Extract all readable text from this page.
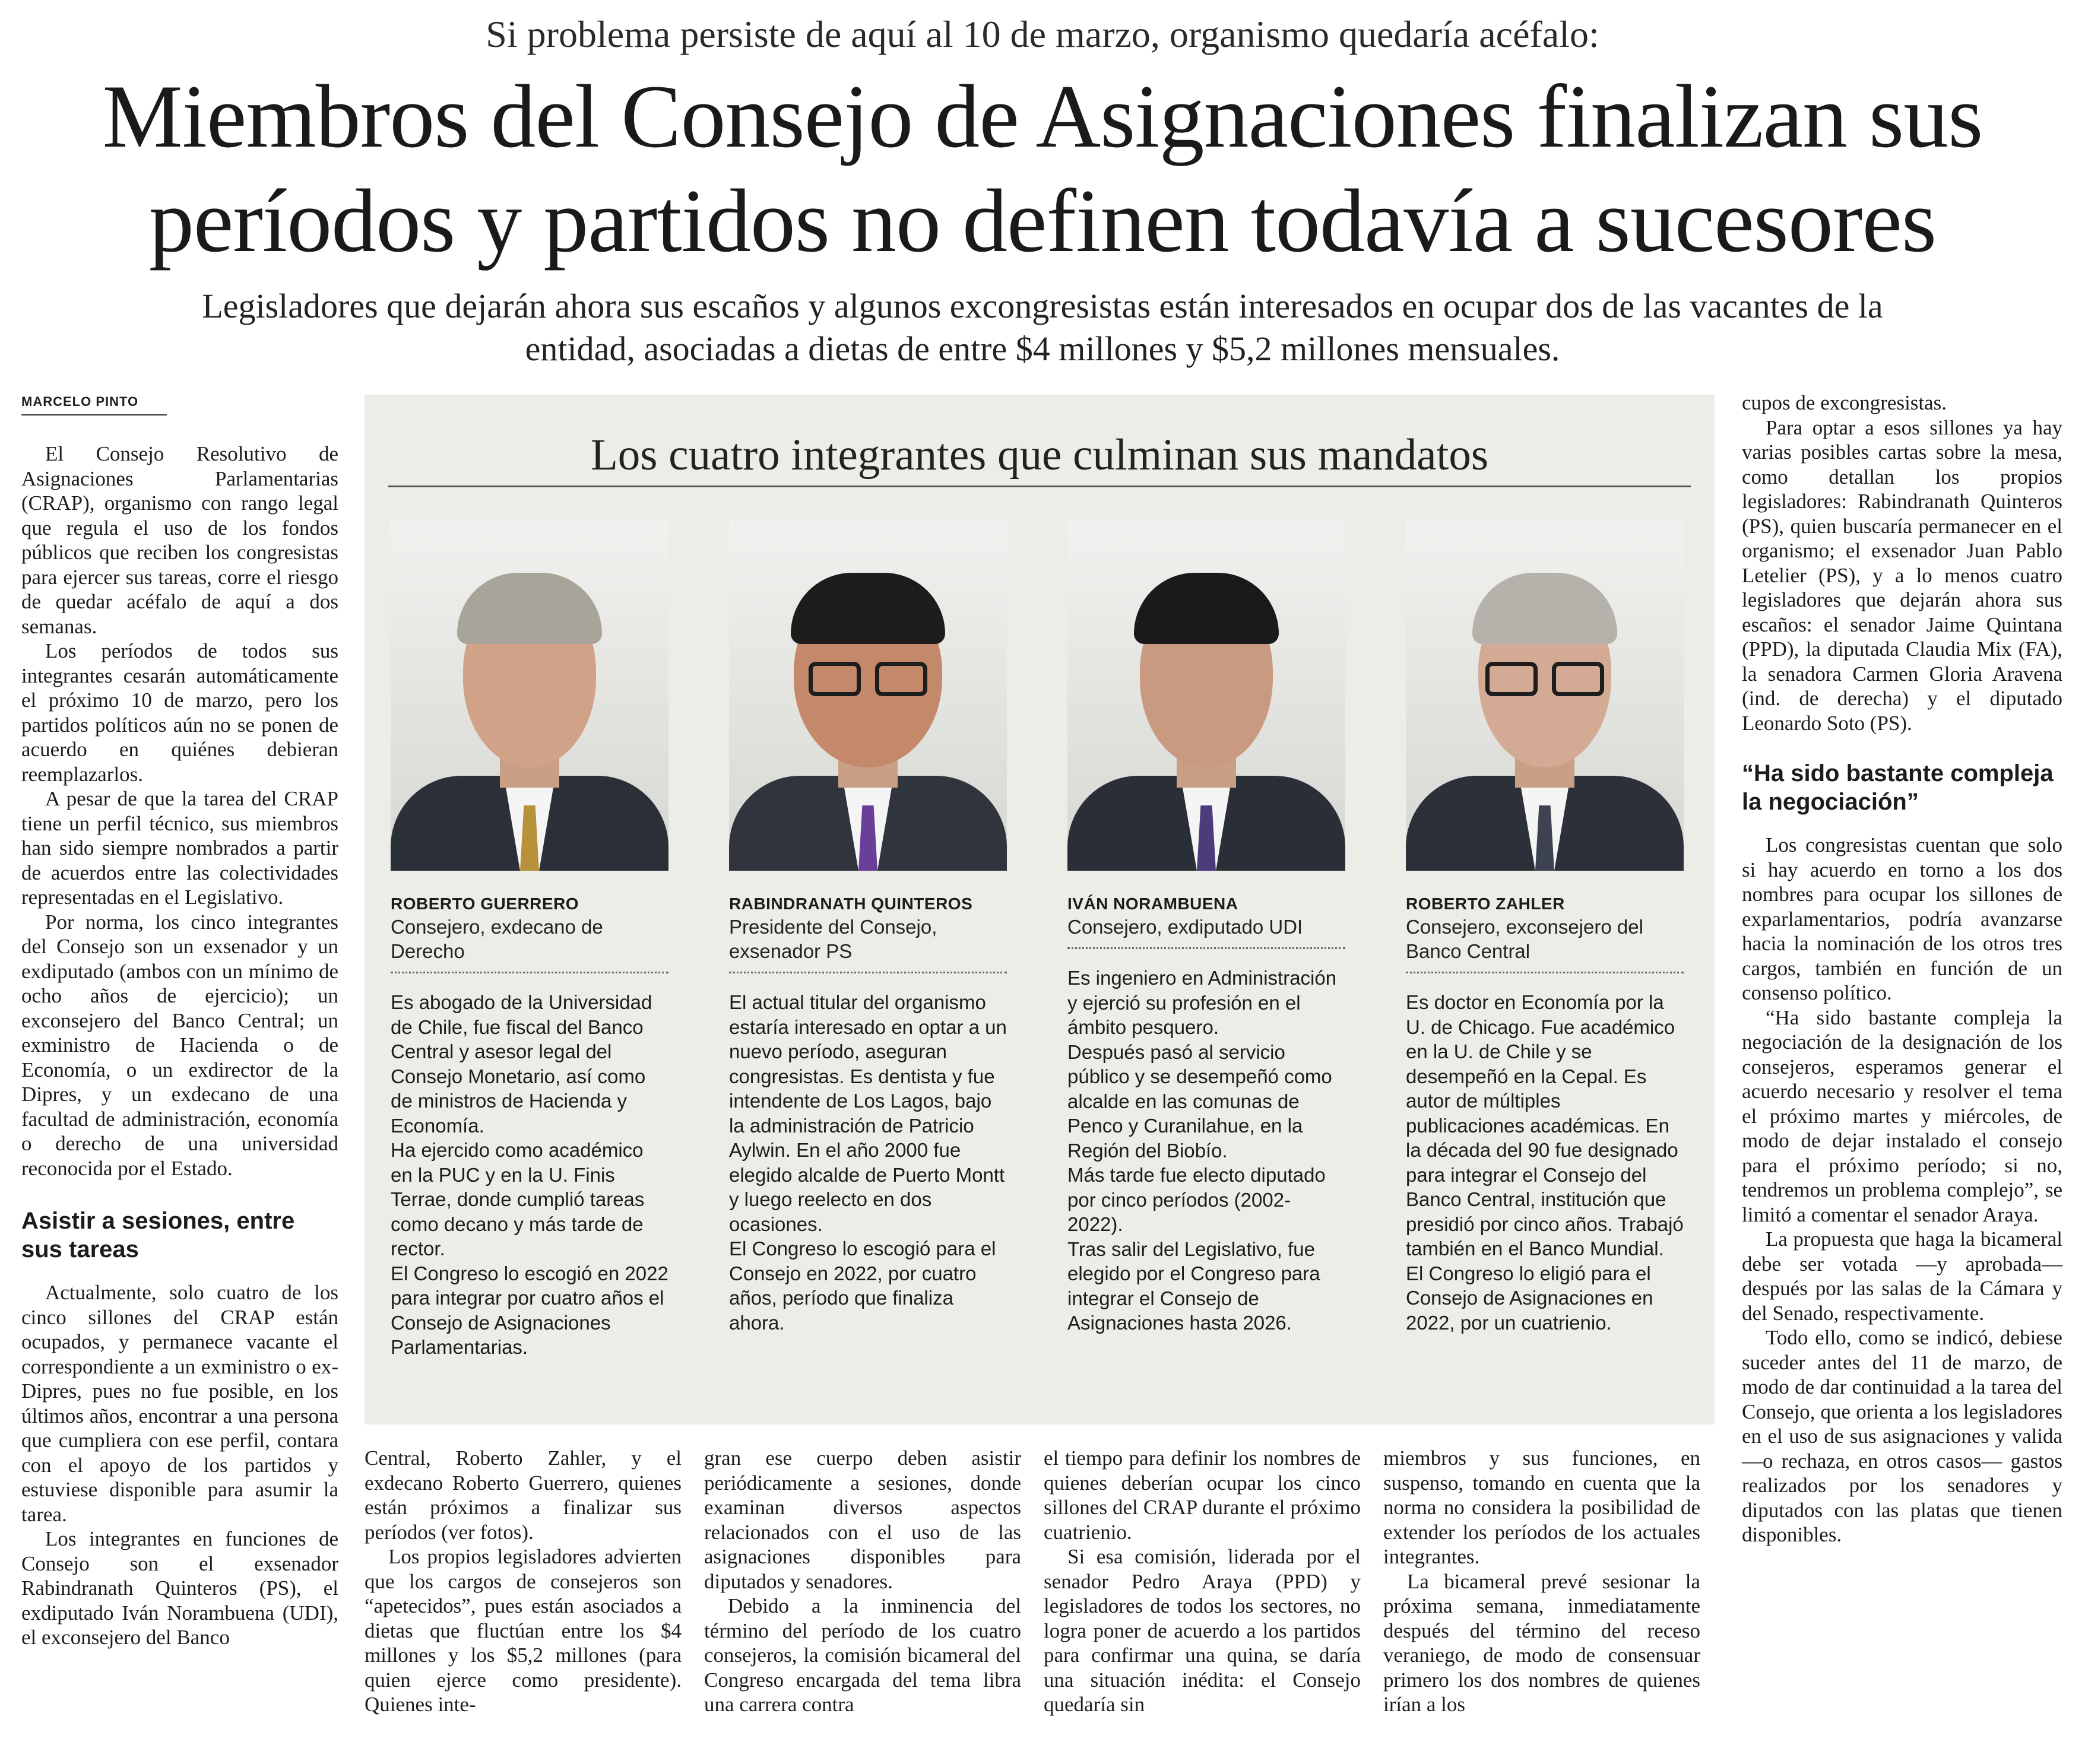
Si problema persiste de aquí al 10 de marzo, organismo quedaría acéfalo:
Miembros del Consejo de Asignaciones finalizan sus
períodos y partidos no definen todavía a sucesores
Legisladores que dejarán ahora sus escaños y algunos excongresistas están interesados en ocupar dos de las vacantes de la
entidad, asociadas a dietas de entre $4 millones y $5,2 millones mensuales.
MARCELO PINTO

El Consejo Resolutivo de Asignaciones Parlamentarias (CRAP), organismo con rango legal que regula el uso de los fondos públicos que reciben los congresistas para ejercer sus tareas, corre el riesgo de quedar acéfalo de aquí a dos semanas.

Los períodos de todos sus integrantes cesarán automáticamente el próximo 10 de marzo, pero los partidos políticos aún no se ponen de acuerdo en quiénes debieran reemplazarlos.

A pesar de que la tarea del CRAP tiene un perfil técnico, sus miembros han sido siempre nombrados a partir de acuerdos entre las colectividades representadas en el Legislativo.

Por norma, los cinco integrantes del Consejo son un exsenador y un exdiputado (ambos con un mínimo de ocho años de ejercicio); un exconsejero del Banco Central; un exministro de Hacienda o de Economía, o un exdirector de la Dipres, y un exdecano de una facultad de administración, economía o derecho de una universidad reconocida por el Estado.

Asistir a sesiones, entre sus tareas

Actualmente, solo cuatro de los cinco sillones del CRAP están ocupados, y permanece vacante el correspondiente a un exministro o ex-Dipres, pues no fue posible, en los últimos años, encontrar a una persona que cumpliera con ese perfil, contara con el apoyo de los partidos y estuviese disponible para asumir la tarea.

Los integrantes en funciones de Consejo son el exsenador Rabindranath Quinteros (PS), el exdiputado Iván Norambuena (UDI), el exconsejero del Banco

Los cuatro integrantes que culminan sus mandatos
ROBERTO GUERRERO
Consejero, exdecano de Derecho

Es abogado de la Universidad de Chile, fue fiscal del Banco Central y asesor legal del Consejo Monetario, así como de ministros de Hacienda y Economía.

Ha ejercido como académico en la PUC y en la U. Finis Terrae, donde cumplió tareas como decano y más tarde de rector.

El Congreso lo escogió en 2022 para integrar por cuatro años el Consejo de Asignaciones Parlamentarias.

RABINDRANATH QUINTEROS
Presidente del Consejo, exsenador PS

El actual titular del organismo estaría interesado en optar a un nuevo período, aseguran congresistas. Es dentista y fue intendente de Los Lagos, bajo la administración de Patricio Aylwin. En el año 2000 fue elegido alcalde de Puerto Montt y luego reelecto en dos ocasiones.

El Congreso lo escogió para el Consejo en 2022, por cuatro años, período que finaliza ahora.

IVÁN NORAMBUENA
Consejero, exdiputado UDI

Es ingeniero en Administración y ejerció su profesión en el ámbito pesquero.

Después pasó al servicio público y se desempeñó como alcalde en las comunas de Penco y Curanilahue, en la Región del Biobío.

Más tarde fue electo diputado por cinco períodos (2002-2022).

Tras salir del Legislativo, fue elegido por el Congreso para integrar el Consejo de Asignaciones hasta 2026.

ROBERTO ZAHLER
Consejero, exconsejero del Banco Central

Es doctor en Economía por la U. de Chicago. Fue académico en la U. de Chile y se desempeñó en la Cepal. Es autor de múltiples publicaciones académicas. En la década del 90 fue designado para integrar el Consejo del Banco Central, institución que presidió por cinco años. Trabajó también en el Banco Mundial. El Congreso lo eligió para el Consejo de Asignaciones en 2022, por un cuatrienio.

Central, Roberto Zahler, y el exdecano Roberto Guerrero, quienes están próximos a finalizar sus períodos (ver fotos).

Los propios legisladores advierten que los cargos de consejeros son “apetecidos”, pues están asociados a dietas que fluctúan entre los $4 millones y los $5,2 millones (para quien ejerce como presidente). Quienes inte-

gran ese cuerpo deben asistir periódicamente a sesiones, donde examinan diversos aspectos relacionados con el uso de las asignaciones disponibles para diputados y senadores.

Debido a la inminencia del término del período de los cuatro consejeros, la comisión bicameral del Congreso encargada del tema libra una carrera contra

el tiempo para definir los nombres de quienes deberían ocupar los cinco sillones del CRAP durante el próximo cuatrienio.

Si esa comisión, liderada por el senador Pedro Araya (PPD) y legisladores de todos los sectores, no logra poner de acuerdo a los partidos para confirmar una quina, se daría una situación inédita: el Consejo quedaría sin

miembros y sus funciones, en suspenso, tomando en cuenta que la norma no considera la posibilidad de extender los períodos de los actuales integrantes.

La bicameral prevé sesionar la próxima semana, inmediatamente después del término del receso veraniego, de modo de consensuar primero los dos nombres de quienes irían a los

cupos de excongresistas.

Para optar a esos sillones ya hay varias posibles cartas sobre la mesa, como detallan los propios legisladores: Rabindranath Quinteros (PS), quien buscaría permanecer en el organismo; el exsenador Juan Pablo Letelier (PS), y a lo menos cuatro legisladores que dejarán ahora sus escaños: el senador Jaime Quintana (PPD), la diputada Claudia Mix (FA), la senadora Carmen Gloria Aravena (ind. de derecha) y el diputado Leonardo Soto (PS).

“Ha sido bastante compleja la negociación”

Los congresistas cuentan que solo si hay acuerdo en torno a los dos nombres para ocupar los sillones de exparlamentarios, podría avanzarse hacia la nominación de los otros tres cargos, también en función de un consenso político.

“Ha sido bastante compleja la negociación de la designación de los consejeros, esperamos generar el acuerdo necesario y resolver el tema el próximo martes y miércoles, de modo de dejar instalado el consejo para el próximo período; si no, tendremos un problema complejo”, se limitó a comentar el senador Araya.

La propuesta que haga la bicameral debe ser votada —y aprobada— después por las salas de la Cámara y del Senado, respectivamente.

Todo ello, como se indicó, debiese suceder antes del 11 de marzo, de modo de dar continuidad a la tarea del Consejo, que orienta a los legisladores en el uso de sus asignaciones y valida —o rechaza, en otros casos— gastos realizados por los senadores y diputados con las platas que tienen disponibles.
